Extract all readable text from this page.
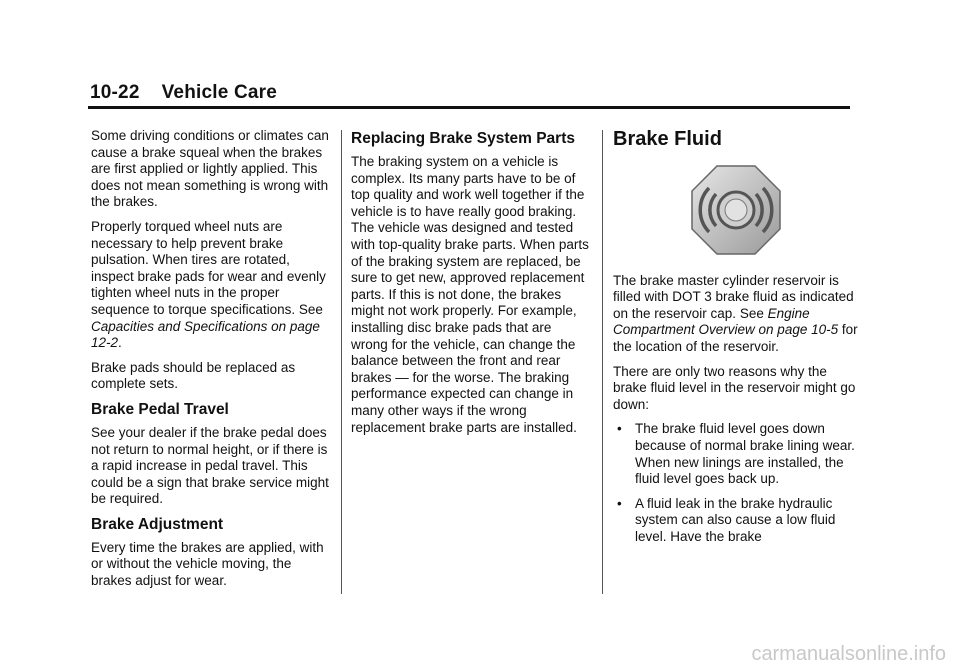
10-22 Vehicle Care

Some driving conditions or climates can cause a brake squeal when the brakes are first applied or lightly applied. This does not mean something is wrong with the brakes.

Properly torqued wheel nuts are necessary to help prevent brake pulsation. When tires are rotated, inspect brake pads for wear and evenly tighten wheel nuts in the proper sequence to torque specifications. See Capacities and Specifications on page 12-2.

Brake pads should be replaced as complete sets.

Brake Pedal Travel

See your dealer if the brake pedal does not return to normal height, or if there is a rapid increase in pedal travel. This could be a sign that brake service might be required.

Brake Adjustment

Every time the brakes are applied, with or without the vehicle moving, the brakes adjust for wear.

Replacing Brake System Parts

The braking system on a vehicle is complex. Its many parts have to be of top quality and work well together if the vehicle is to have really good braking. The vehicle was designed and tested with top-quality brake parts. When parts of the braking system are replaced, be sure to get new, approved replacement parts. If this is not done, the brakes might not work properly. For example, installing disc brake pads that are wrong for the vehicle, can change the balance between the front and rear brakes — for the worse. The braking performance expected can change in many other ways if the wrong replacement brake parts are installed.

Brake Fluid

The brake master cylinder reservoir is filled with DOT 3 brake fluid as indicated on the reservoir cap. See Engine Compartment Overview on page 10-5 for the location of the reservoir.

There are only two reasons why the brake fluid level in the reservoir might go down:

• The brake fluid level goes down because of normal brake lining wear. When new linings are installed, the fluid level goes back up.
• A fluid leak in the brake hydraulic system can also cause a low fluid level. Have the brake
carmanualsonline.info
